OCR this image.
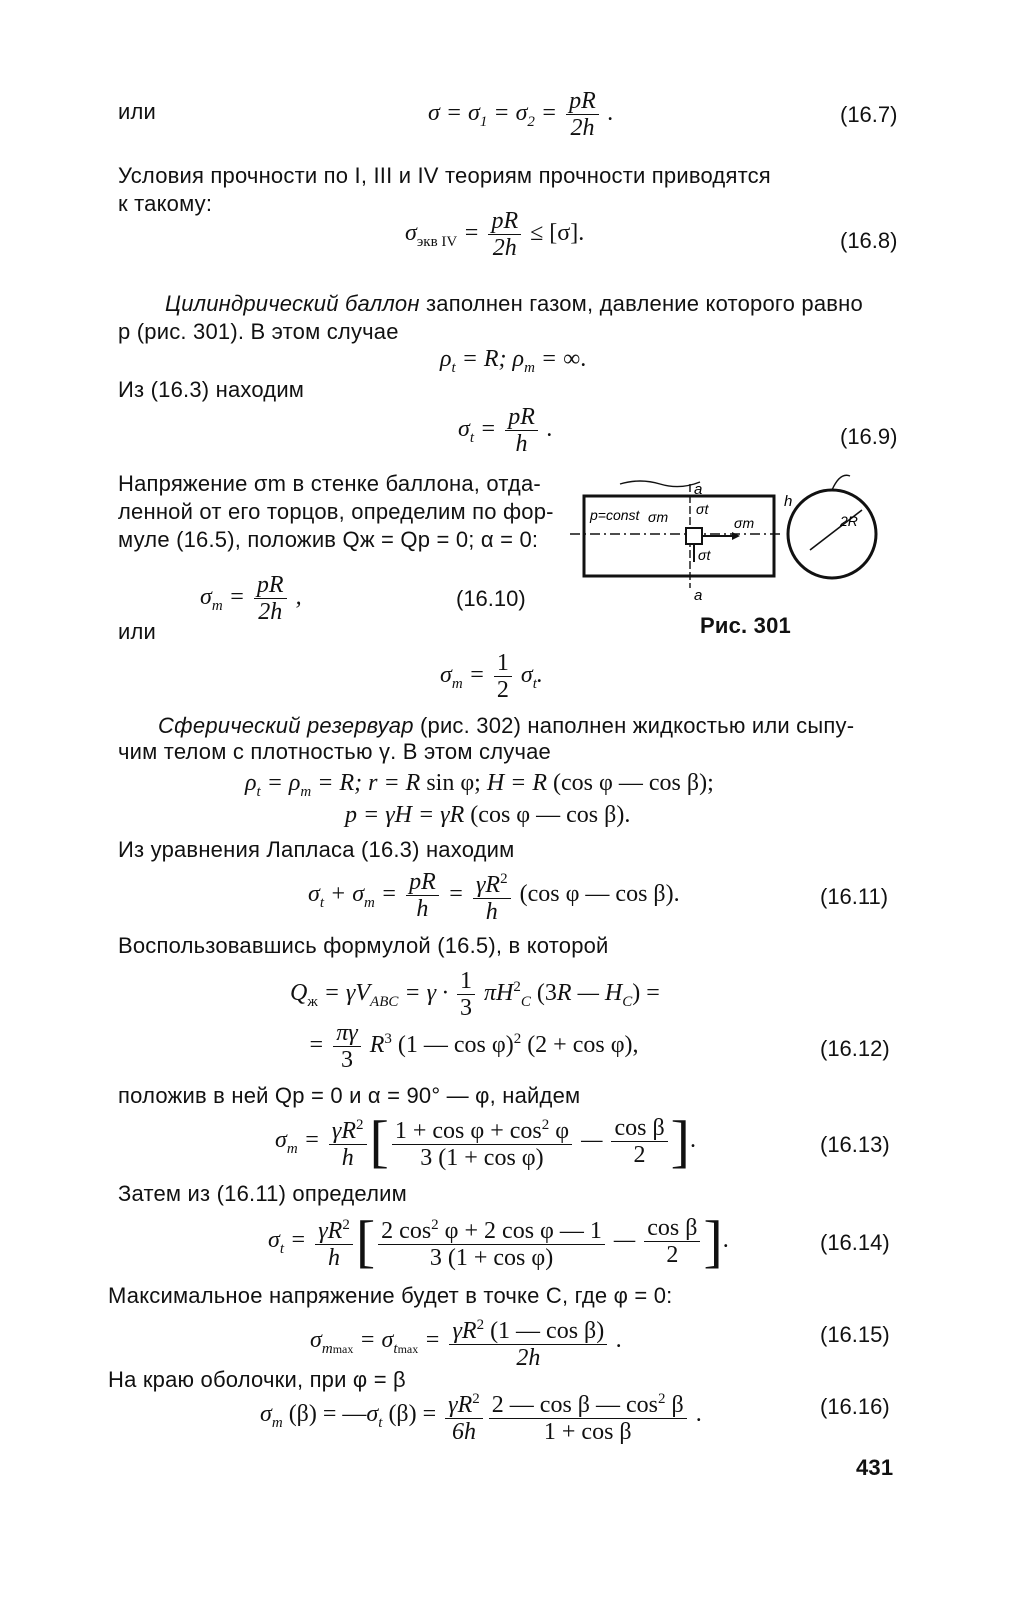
или	$\sigma = \sigma_1 = \sigma_2 = \frac{pR}{2h}$ .	(16.7)
Условия прочности по I, III и IV теориям прочности приводятся
к такому:
$\sigma_{экв IV} = \frac{pR}{2h} \le [\sigma]$.	(16.8)
Цилиндрический баллон заполнен газом, давление которого равно
p (рис. 301). В этом случае
$\rho_t = R$; $\rho_m$ = ∞.
Из (16.3) находим
$\sigma_t = \frac{pR}{h}$ .	(16.9)
Напряжение σm в стенке баллона, отда-
ленной от его торцов, определим по фор-
муле (16.5), положив Qж = Qр = 0; α = 0:
a
a
p=const σm σt
σm
σt
2R
h
Рис. 301
$\sigma_m = \frac{pR}{2h}$ ,	(16.10)
или
$\sigma_m = \frac{1}{2} \sigma_t$.
Сферический резервуар (рис. 302) наполнен жидкостью или сыпу-
чим телом с плотностью γ. В этом случае
$\rho_t = \rho_m = R$; r = R sin φ; H = R (cos φ — cos β);
p = γH = γR (cos φ — cos β).
Из уравнения Лапласа (16.3) находим
$\sigma_t + \sigma_m = \frac{pR}{h} = \frac{\gamma R^2}{h} (\cos$ φ — cos β).	(16.11)
Воспользовавшись формулой (16.5), в которой
$Q_ж = \gamma V_{ABC} = \gamma \cdot \frac{1}{3} \pi H^2_C$ (3R — $H_C$) =
= $\frac{\pi\gamma}{3} R^3$ (1 — cos φ)$^2$ (2 + cos φ),	(16.12)
положив в ней Qр = 0 и α = 90° — φ, найдем
$\sigma_m = \frac{\gamma R^2}{h}$ [ $\frac{1 + \cos \varphi + \cos^2 \varphi}{\text{3 (1 + cos φ)}}$ — $\frac{\text{cos β}}{2}$ ].	(16.13)
Затем из (16.11) определим
$\sigma_t = \frac{\gamma R^2}{h}$ [ $\frac{2 \cos^2 \varphi + 2 \cos \varphi — 1}{\text{3 (1 + cos φ)}}$ — $\frac{\text{cos β}}{2}$ ].	(16.14)
Максимальное напряжение будет в точке C, где φ = 0:
$\sigma_{mmax} = \sigma_{tmax} = \frac{\gamma R^2 (1 — \cos \beta)}{2h}$ .	(16.15)
На краю оболочки, при φ = β
$\sigma_m$ $(\beta) = —\sigma_t$ $(\beta) = \frac{\gamma R^2}{6h} \frac{2 — \cos \beta — \cos^2 \beta}{\text{1 + cos β}}$ .	(16.16)
431
